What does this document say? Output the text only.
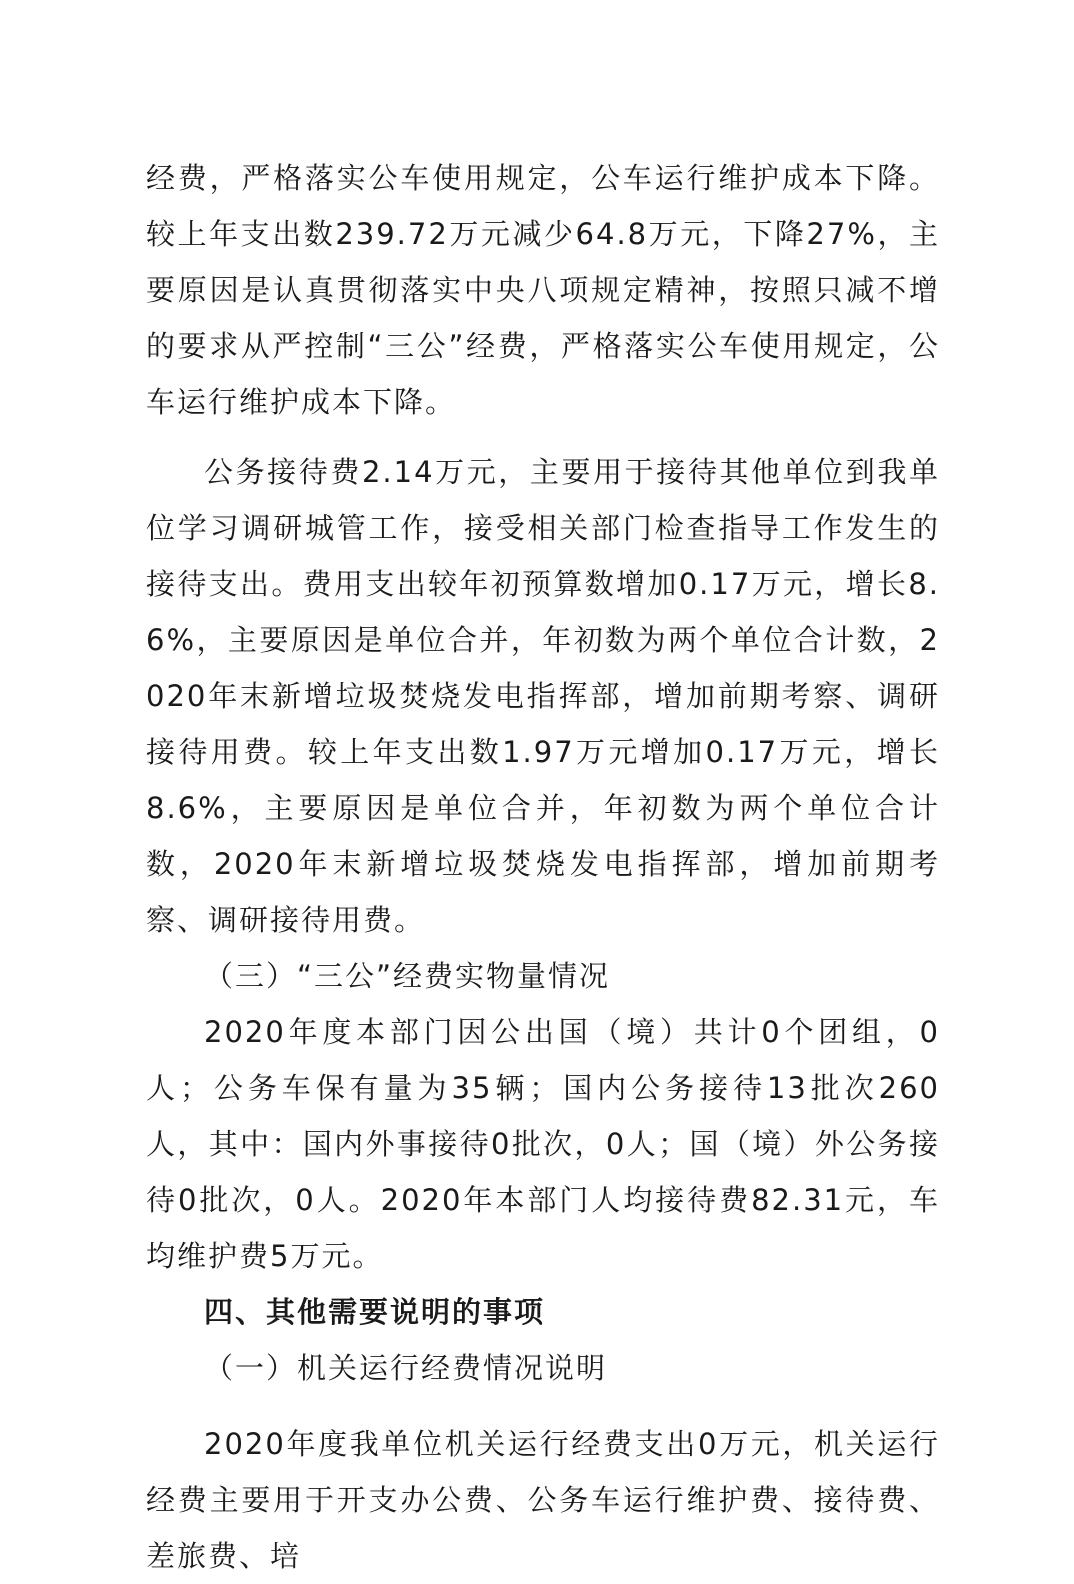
经费，严格落实公车使用规定，公车运行维护成本下降。较上年支出数239.72万元减少64.8万元，下降27%，主要原因是认真贯彻落实中央八项规定精神，按照只减不增的要求从严控制“三公”经费，严格落实公车使用规定，公车运行维护成本下降。

公务接待费2.14万元，主要用于接待其他单位到我单位学习调研城管工作，接受相关部门检查指导工作发生的接待支出。费用支出较年初预算数增加0.17万元，增长8.6%，主要原因是单位合并，年初数为两个单位合计数，2020年末新增垃圾焚烧发电指挥部，增加前期考察、调研接待用费。较上年支出数1.97万元增加0.17万元，增长8.6%，主要原因是单位合并，年初数为两个单位合计数，2020年末新增垃圾焚烧发电指挥部，增加前期考察、调研接待用费。

（三）“三公”经费实物量情况

2020年度本部门因公出国（境）共计0个团组，0人；公务车保有量为35辆；国内公务接待13批次260人，其中：国内外事接待0批次，0人；国（境）外公务接待0批次，0人。2020年本部门人均接待费82.31元，车均维护费5万元。

四、其他需要说明的事项

（一）机关运行经费情况说明

2020年度我单位机关运行经费支出0万元，机关运行经费主要用于开支办公费、公务车运行维护费、接待费、差旅费、培
